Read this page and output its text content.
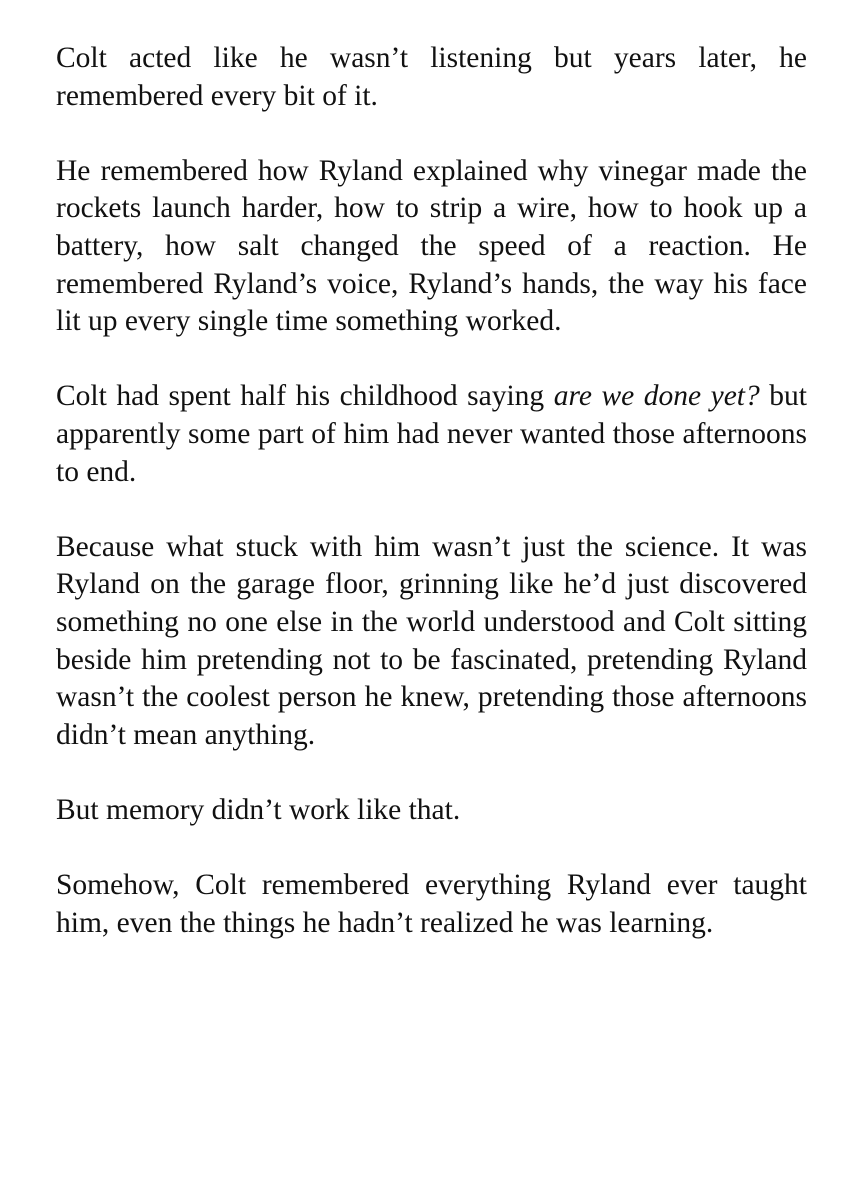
Colt acted like he wasn’t listening but years later, he remembered every bit of it.

He remembered how Ryland explained why vinegar made the rockets launch harder, how to strip a wire, how to hook up a battery, how salt changed the speed of a reaction. He remembered Ryland’s voice, Ryland’s hands, the way his face lit up every single time something worked.

Colt had spent half his childhood saying are we done yet? but apparently some part of him had never wanted those afternoons to end.

Because what stuck with him wasn’t just the science. It was Ryland on the garage floor, grinning like he’d just discovered something no one else in the world understood and Colt sitting beside him pretending not to be fascinated, pretending Ryland wasn’t the coolest person he knew, pretending those afternoons didn’t mean anything.

But memory didn’t work like that.

Somehow, Colt remembered everything Ryland ever taught him, even the things he hadn’t realized he was learning.
